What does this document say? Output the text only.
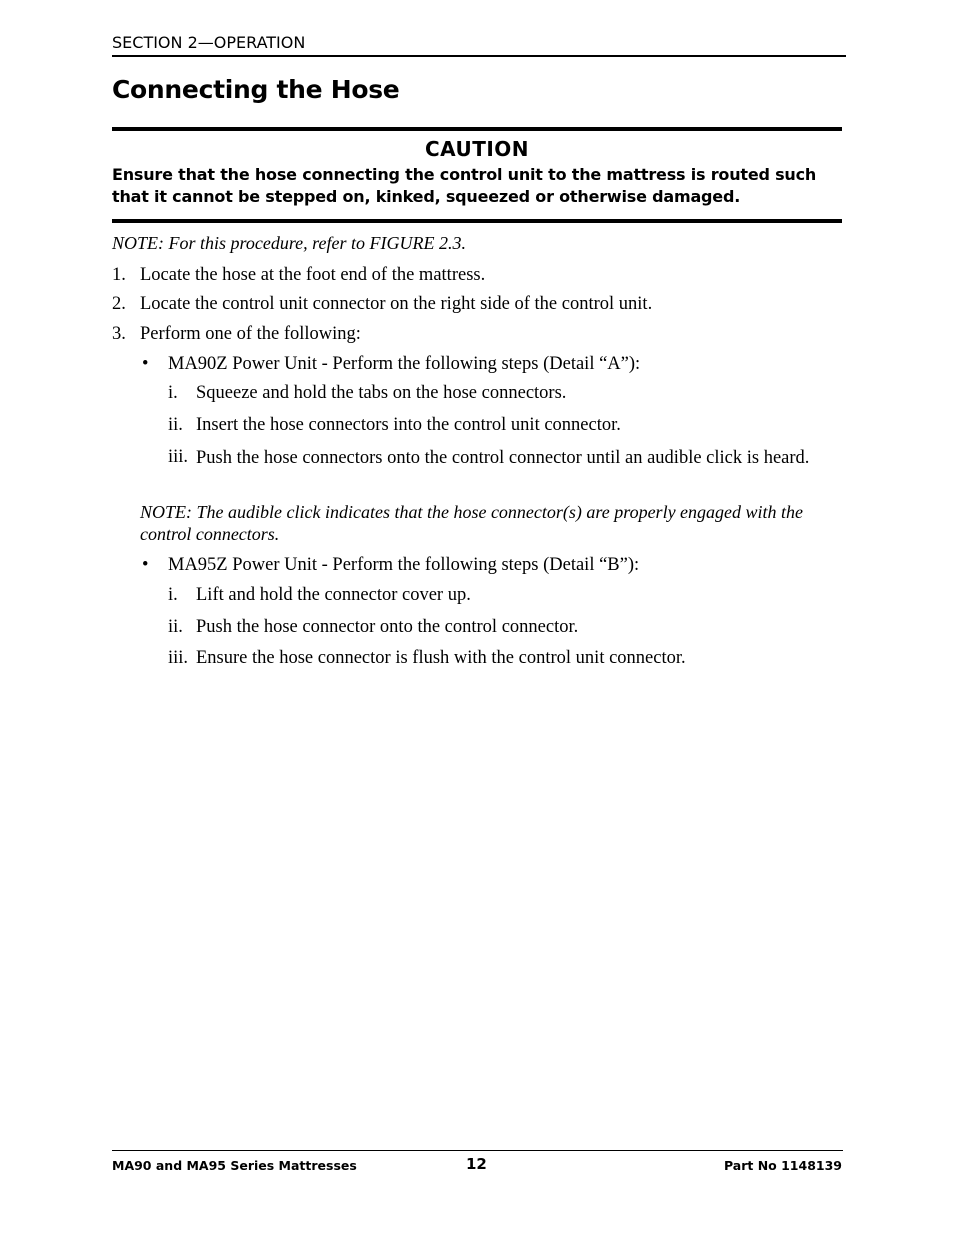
SECTION 2—OPERATION
Connecting the Hose
CAUTION
Ensure that the hose connecting the control unit to the mattress is routed such that it cannot be stepped on, kinked, squeezed or otherwise damaged.
NOTE: For this procedure, refer to FIGURE 2.3.
1. Locate the hose at the foot end of the mattress.
2. Locate the control unit connector on the right side of the control unit.
3. Perform one of the following:
• MA90Z Power Unit - Perform the following steps (Detail “A”):
i. Squeeze and hold the tabs on the hose connectors.
ii. Insert the hose connectors into the control unit connector.
iii. Push the hose connectors onto the control connector until an audible click is heard.
NOTE: The audible click indicates that the hose connector(s) are properly engaged with the control connectors.
• MA95Z Power Unit - Perform the following steps (Detail “B”):
i. Lift and hold the connector cover up.
ii. Push the hose connector onto the control connector.
iii. Ensure the hose connector is flush with the control unit connector.
MA90 and MA95 Series Mattresses	12	Part No 1148139
